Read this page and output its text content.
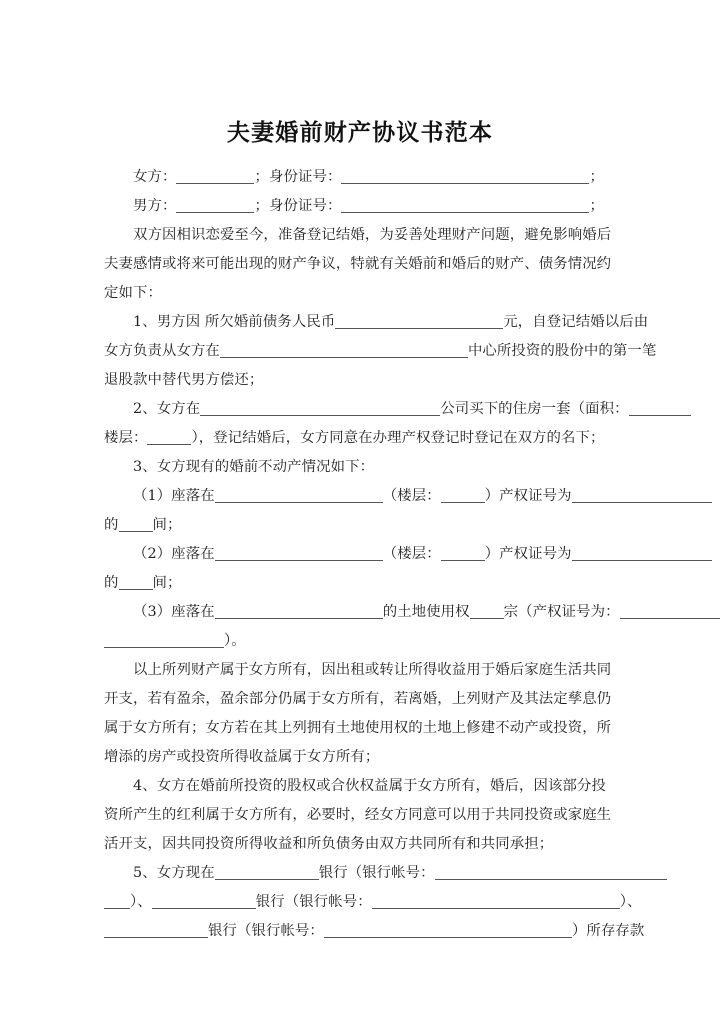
夫妻婚前财产协议书范本
女方：	；身份证号：	；
男方：	；身份证号：	；
双方因相识恋爱至今，准备登记结婚，为妥善处理财产问题，避免影响婚后
夫妻感情或将来可能出现的财产争议，特就有关婚前和婚后的财产、债务情况约
定如下：
1、男方因 所欠婚前债务人民币	元，自登记结婚以后由
女方负责从女方在	中心所投资的股份中的第一笔
退股款中替代男方偿还；
2、女方在	公司买下的住房一套（面积：
楼层：	），登记结婚后，女方同意在办理产权登记时登记在双方的名下；
3、女方现有的婚前不动产情况如下：
（1）座落在	（楼层：	）产权证号为
的 间；
（2）座落在	（楼层：	）产权证号为
的 间；
（3）座落在	的土地使用权 宗（产权证号为：
）。
以上所列财产属于女方所有，因出租或转让所得收益用于婚后家庭生活共同
开支，若有盈余，盈余部分仍属于女方所有，若离婚，上列财产及其法定孳息仍
属于女方所有；女方若在其上列拥有土地使用权的土地上修建不动产或投资，所
增添的房产或投资所得收益属于女方所有；
4、女方在婚前所投资的股权或合伙权益属于女方所有，婚后，因该部分投
资所产生的红利属于女方所有，必要时，经女方同意可以用于共同投资或家庭生
活开支，因共同投资所得收益和所负债务由双方共同所有和共同承担；
5、女方现在	银行（银行帐号：
）、	银行（银行帐号：	）、
银行（银行帐号：	）所存存款
